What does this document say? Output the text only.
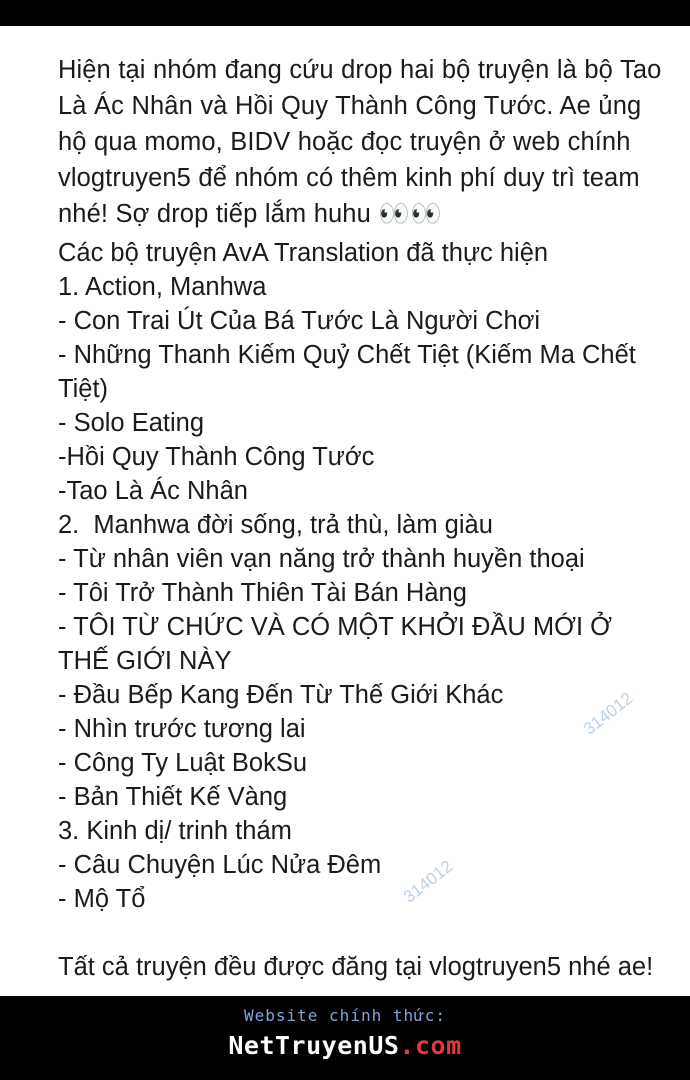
Hiện tại nhóm đang cứu drop hai bộ truyện là bộ Tao Là Ác Nhân và Hồi Quy Thành Công Tước. Ae ủng hộ qua momo, BIDV hoặc đọc truyện ở web chính vlogtruyen5 để nhóm có thêm kinh phí duy trì team nhé! Sợ drop tiếp lắm huhu 👀👀

Các bộ truyện AvA Translation đã thực hiện

1. Action, Manhwa

- Con Trai Út Của Bá Tước Là Người Chơi

- Những Thanh Kiếm Quỷ Chết Tiệt (Kiếm Ma Chết Tiệt)

- Solo Eating

-Hồi Quy Thành Công Tước

-Tao Là Ác Nhân

2.  Manhwa đời sống, trả thù, làm giàu

- Từ nhân viên vạn năng trở thành huyền thoại

- Tôi Trở Thành Thiên Tài Bán Hàng

- TÔI TỪ CHỨC VÀ CÓ MỘT KHỞI ĐẦU MỚI Ở THẾ GIỚI NÀY

- Đầu Bếp Kang Đến Từ Thế Giới Khác

- Nhìn trước tương lai

- Công Ty Luật BokSu

- Bản Thiết Kế Vàng

3. Kinh dị/ trinh thám

- Câu Chuyện Lúc Nửa Đêm

- Mộ Tổ

Tất cả truyện đều được đăng tại vlogtruyen5 nhé ae!

314012
314012

Website chính thức:

NetTruyenUS.com
